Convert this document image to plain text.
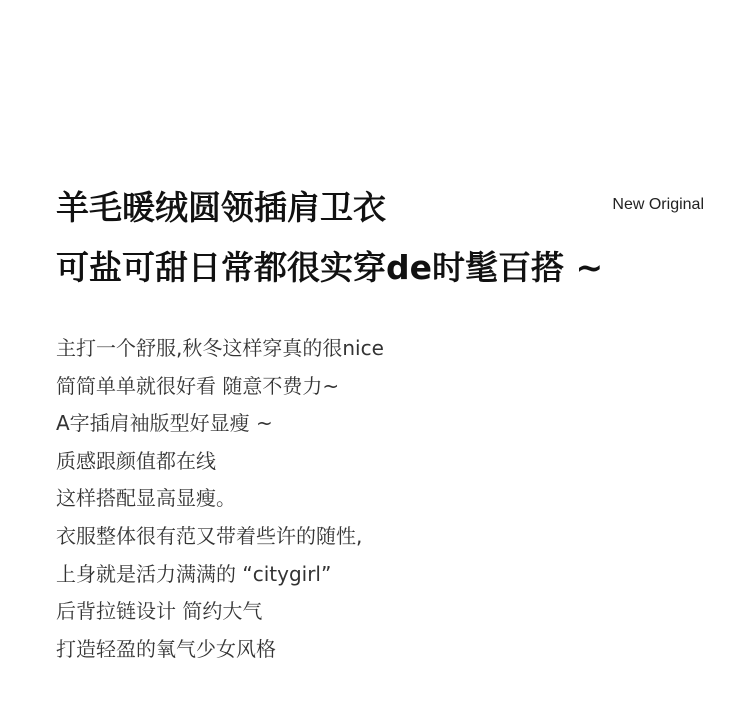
羊毛暖绒圆领插肩卫衣
可盐可甜日常都很实穿de时髦百搭 ~
New Original
主打一个舒服,秋冬这样穿真的很nice
简简单单就很好看 随意不费力~
A字插肩袖版型好显瘦 ~
质感跟颜值都在线
这样搭配显高显瘦。
衣服整体很有范又带着些许的随性,
上身就是活力满满的 “citygirl”
后背拉链设计 简约大气
打造轻盈的氧气少女风格
